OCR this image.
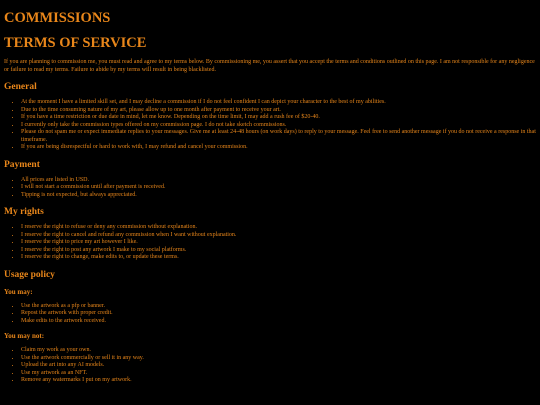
COMMISSIONS
TERMS OF SERVICE

If you are planning to commission me, you must read and agree to my terms below. By commissioning me, you assert that you accept the terms and conditions outlined on this page. I am not responsible for any negligence or failure to read my terms. Failure to abide by my terms will result in being blacklisted.

General
• At the moment I have a limited skill set, and I may decline a commission if I do not feel confident I can depict your character to the best of my abilities.
• Due to the time consuming nature of my art, please allow up to one month after payment to receive your art.
• If you have a time restriction or due date in mind, let me know. Depending on the time limit, I may add a rush fee of $20-40.
• I currently only take the commission types offered on my commission page. I do not take sketch commissions.
• Please do not spam me or expect immediate replies to your messages. Give me at least 24-48 hours (on work days) to reply to your message. Feel free to send another message if you do not receive a response in that timeframe.
• If you are being disrespectful or hard to work with, I may refund and cancel your commission.
Payment
• All prices are listed in USD.
• I will not start a commission until after payment is received.
• Tipping is not expected, but always appreciated.
My rights
• I reserve the right to refuse or deny any commission without explanation.
• I reserve the right to cancel and refund any commission when I want without explanation.
• I reserve the right to price my art however I like.
• I reserve the right to post any artwork I make to my social platforms.
• I reserve the right to change, make edits to, or update these terms.
Usage policy
You may:
• Use the artwork as a pfp or banner.
• Repost the artwork with proper credit.
• Make edits to the artwork received.
You may not:
• Claim my work as your own.
• Use the artwork commercially or sell it in any way.
• Upload the art into any AI models.
• Use my artwork as an NFT.
• Remove any watermarks I put on my artwork.
